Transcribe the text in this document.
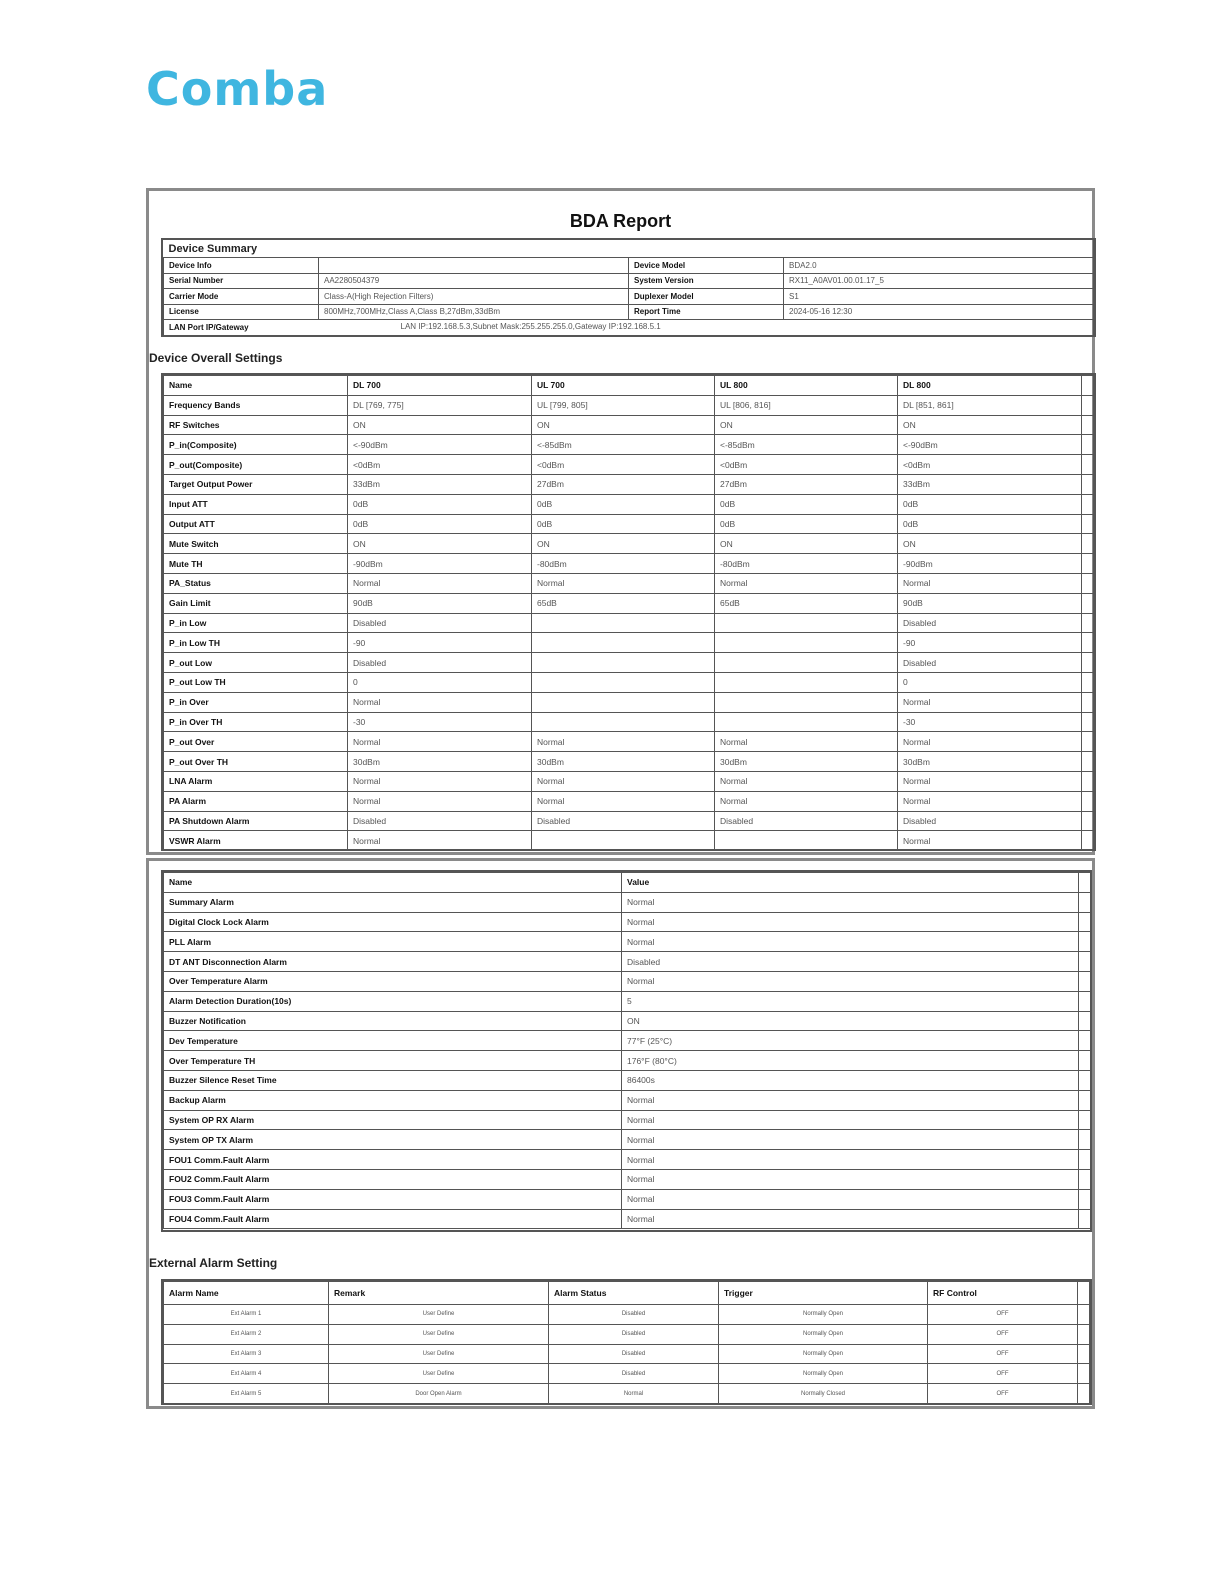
Comba
BDA Report
Device Summary			
Device Info		Device Model	BDA2.0
Serial Number	AA2280504379	System Version	RX11_A0AV01.00.01.17_5
Carrier Mode	Class-A(High Rejection Filters)	Duplexer Model	S1
License	800MHz,700MHz,Class A,Class B,27dBm,33dBm	Report Time	2024-05-16 12:30
LAN Port IP/Gateway		LAN IP:192.168.5.3,Subnet Mask:255.255.255.0,Gateway IP:192.168.5.1	
Device Overall Settings
Name	DL 700	UL 700	UL 800	DL 800	
Frequency Bands	DL [769, 775]	UL [799, 805]	UL [806, 816]	DL [851, 861]	
RF Switches	ON	ON	ON	ON	
P_in(Composite)	<-90dBm	<-85dBm	<-85dBm	<-90dBm	
P_out(Composite)	<0dBm	<0dBm	<0dBm	<0dBm	
Target Output Power	33dBm	27dBm	27dBm	33dBm	
Input ATT	0dB	0dB	0dB	0dB	
Output ATT	0dB	0dB	0dB	0dB	
Mute Switch	ON	ON	ON	ON	
Mute TH	-90dBm	-80dBm	-80dBm	-90dBm	
PA_Status	Normal	Normal	Normal	Normal	
Gain Limit	90dB	65dB	65dB	90dB	
P_in Low	Disabled			Disabled	
P_in Low TH	-90			-90	
P_out Low	Disabled			Disabled	
P_out Low TH	0			0	
P_in Over	Normal			Normal	
P_in Over TH	-30			-30	
P_out Over	Normal	Normal	Normal	Normal	
P_out Over TH	30dBm	30dBm	30dBm	30dBm	
LNA Alarm	Normal	Normal	Normal	Normal	
PA Alarm	Normal	Normal	Normal	Normal	
PA Shutdown Alarm	Disabled	Disabled	Disabled	Disabled	
VSWR Alarm	Normal			Normal	
Name	Value	
Summary Alarm	Normal	
Digital Clock Lock Alarm	Normal	
PLL Alarm	Normal	
DT ANT Disconnection Alarm	Disabled	
Over Temperature Alarm	Normal	
Alarm Detection Duration(10s)	5	
Buzzer Notification	ON	
Dev Temperature	77°F (25°C)	
Over Temperature TH	176°F (80°C)	
Buzzer Silence Reset Time	86400s	
Backup Alarm	Normal	
System OP RX Alarm	Normal	
System OP TX Alarm	Normal	
FOU1 Comm.Fault Alarm	Normal	
FOU2 Comm.Fault Alarm	Normal	
FOU3 Comm.Fault Alarm	Normal	
FOU4 Comm.Fault Alarm	Normal	
External Alarm Setting
Alarm Name	Remark	Alarm Status	Trigger	RF Control	
Ext Alarm 1	User Define	Disabled	Normally Open	OFF	
Ext Alarm 2	User Define	Disabled	Normally Open	OFF	
Ext Alarm 3	User Define	Disabled	Normally Open	OFF	
Ext Alarm 4	User Define	Disabled	Normally Open	OFF	
Ext Alarm 5	Door Open Alarm	Normal	Normally Closed	OFF	
